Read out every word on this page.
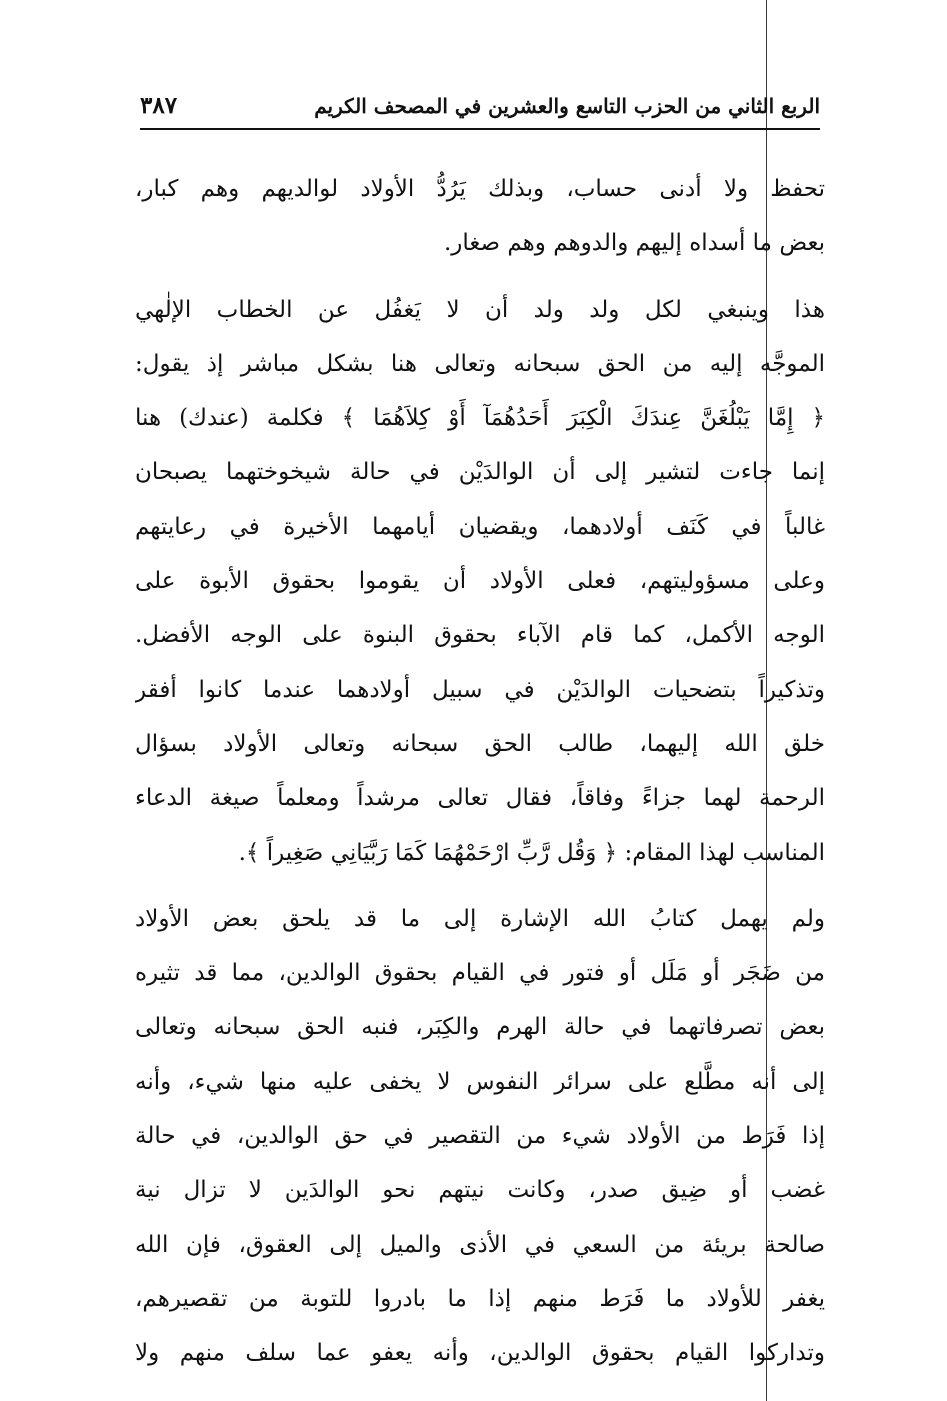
الربع الثاني من الحزب التاسع والعشرين في المصحف الكريم
٣٨٧
تحفظ ولا أدنى حساب، وبذلك يَرُدُّ الأولاد لوالديهم وهم كبار،
بعض ما أسداه إليهم والدوهم وهم صغار.
هذا وينبغي لكل ولد ولد أن لا يَغفُل عن الخطاب الإلٰهي
الموجَّه إليه من الحق سبحانه وتعالى هنا بشكل مباشر إذ يقول:
﴿ إِمَّا يَبْلُغَنَّ عِندَكَ الْكِبَرَ أَحَدُهُمَآ أَوْ كِلاَهُمَا ﴾ فكلمة (عندك) هنا
إنما جاءت لتشير إلى أن الوالدَيْن في حالة شيخوختهما يصبحان
غالباً في كَنَف أولادهما، ويقضيان أيامهما الأخيرة في رعايتهم
وعلى مسؤوليتهم، فعلى الأولاد أن يقوموا بحقوق الأبوة على
الوجه الأكمل، كما قام الآباء بحقوق البنوة على الوجه الأفضل.
وتذكيراً بتضحيات الوالدَيْن في سبيل أولادهما عندما كانوا أفقر
خلق الله إليهما، طالب الحق سبحانه وتعالى الأولاد بسؤال
الرحمة لهما جزاءً وفاقاً، فقال تعالى مرشداً ومعلماً صيغة الدعاء
المناسب لهذا المقام: ﴿ وَقُل رَّبِّ ارْحَمْهُمَا كَمَا رَبَّيَانِي صَغِيراً ﴾.
ولم يهمل كتابُ الله الإشارة إلى ما قد يلحق بعض الأولاد
من ضَجَر أو مَلَل أو فتور في القيام بحقوق الوالدين، مما قد تثيره
بعض تصرفاتهما في حالة الهرم والكِبَر، فنبه الحق سبحانه وتعالى
إلى أنه مطَّلع على سرائر النفوس لا يخفى عليه منها شيء، وأنه
إذا فَرَط من الأولاد شيء من التقصير في حق الوالدين، في حالة
غضب أو ضِيق صدر، وكانت نيتهم نحو الوالدَين لا تزال نية
صالحة بريئة من السعي في الأذى والميل إلى العقوق، فإن الله
يغفر للأولاد ما فَرَط منهم إذا ما بادروا للتوبة من تقصيرهم،
وتداركوا القيام بحقوق الوالدين، وأنه يعفو عما سلف منهم ولا
